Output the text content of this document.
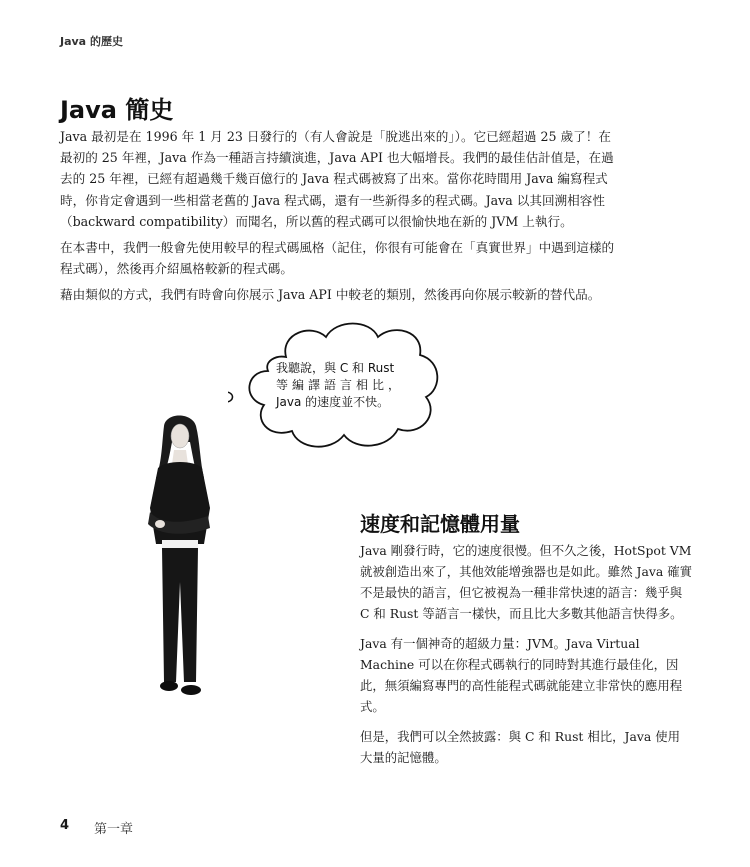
Java 的歷史
Java 簡史

Java 最初是在 1996 年 1 月 23 日發行的（有人會說是「脫逃出來的」）。它已經超過 25 歲了！在最初的 25 年裡，Java 作為一種語言持續演進，Java API 也大幅增長。我們的最佳估計值是，在過去的 25 年裡，已經有超過幾千幾百億行的 Java 程式碼被寫了出來。當你花時間用 Java 編寫程式時，你肯定會遇到一些相當老舊的 Java 程式碼，還有一些新得多的程式碼。Java 以其回溯相容性（backward compatibility）而聞名，所以舊的程式碼可以很愉快地在新的 JVM 上執行。

在本書中，我們一般會先使用較早的程式碼風格（記住，你很有可能會在「真實世界」中遇到這樣的程式碼），然後再介紹風格較新的程式碼。

藉由類似的方式，我們有時會向你展示 Java API 中較老的類別，然後再向你展示較新的替代品。

我聽說，與 C 和 Rust
等編譯語言相比，
Java 的速度並不快。
速度和記憶體用量

Java 剛發行時，它的速度很慢。但不久之後，HotSpot VM 就被創造出來了，其他效能增強器也是如此。雖然 Java 確實不是最快的語言，但它被視為一種非常快速的語言：幾乎與 C 和 Rust 等語言一樣快，而且比大多數其他語言快得多。

Java 有一個神奇的超級力量：JVM。Java Virtual Machine 可以在你程式碼執行的同時對其進行最佳化，因此，無須編寫專門的高性能程式碼就能建立非常快的應用程式。

但是，我們可以全然披露：與 C 和 Rust 相比，Java 使用大量的記憶體。

4 第一章
